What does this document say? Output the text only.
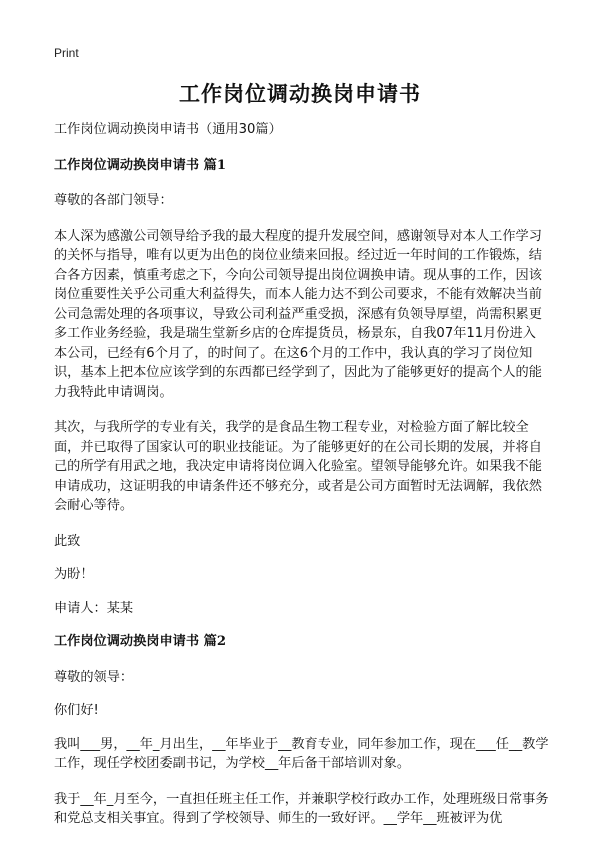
Print
工作岗位调动换岗申请书

工作岗位调动换岗申请书（通用30篇）

工作岗位调动换岗申请书 篇1

尊敬的各部门领导：

本人深为感激公司领导给予我的最大程度的提升发展空间，感谢领导对本人工作学习的关怀与指导，唯有以更为出色的岗位业绩来回报。经过近一年时间的工作锻炼，结合各方因素，慎重考虑之下，今向公司领导提出岗位调换申请。现从事的工作，因该岗位重要性关乎公司重大利益得失，而本人能力达不到公司要求，不能有效解决当前公司急需处理的各项事议，导致公司利益严重受损，深感有负领导厚望，尚需积累更多工作业务经验，我是瑞生堂新乡店的仓库提货员，杨景东，自我07年11月份进入本公司，已经有6个月了，的时间了。在这6个月的工作中，我认真的学习了岗位知识，基本上把本位应该学到的东西都已经学到了，因此为了能够更好的提高个人的能力我特此申请调岗。

其次，与我所学的专业有关，我学的是食品生物工程专业，对检验方面了解比较全面，并已取得了国家认可的职业技能证。为了能够更好的在公司长期的发展，并将自己的所学有用武之地，我决定申请将岗位调入化验室。望领导能够允许。如果我不能申请成功，这证明我的申请条件还不够充分，或者是公司方面暂时无法调解，我依然会耐心等待。

此致

为盼！

申请人：某某

工作岗位调动换岗申请书 篇2

尊敬的领导：

你们好!

我叫___男，__年_月出生，__年毕业于__教育专业，同年参加工作，现在___任__教学工作，现任学校团委副书记，为学校__年后备干部培训对象。

我于__年_月至今，一直担任班主任工作，并兼职学校行政办工作，处理班级日常事务和党总支相关事宜。得到了学校领导、师生的一致好评。__学年__班被评为优
